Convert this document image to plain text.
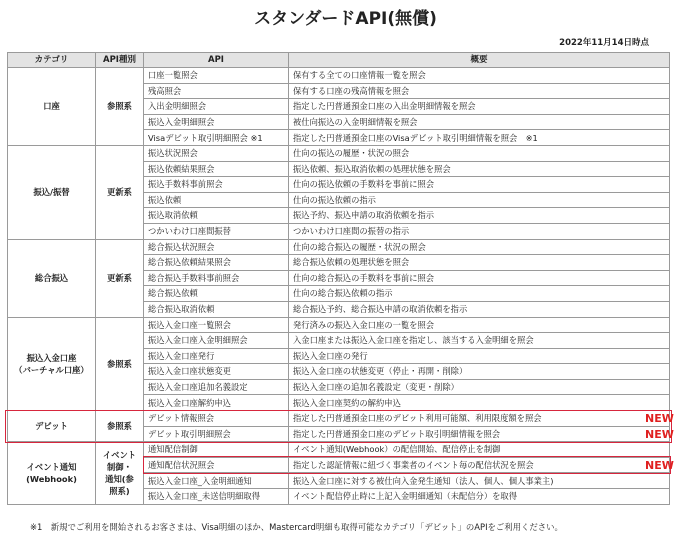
スタンダードAPI(無償)
2022年11月14日時点
カテゴリ	API種別	API	概要
口座	参照系	口座一覧照会	保有する全ての口座情報一覧を照会
		残高照会	保有する口座の残高情報を照会
		入出金明細照会	指定した円普通預金口座の入出金明細情報を照会
		振込入金明細照会	被仕向振込の入金明細情報を照会
		Visaデビット取引明細照会 ※1	指定した円普通預金口座のVisaデビット取引明細情報を照会　※1
振込/振替	更新系	振込状況照会	仕向の振込の履歴・状況の照会
		振込依頼結果照会	振込依頼、振込取消依頼の処理状態を照会
		振込手数料事前照会	仕向の振込依頼の手数料を事前に照会
		振込依頼	仕向の振込依頼の指示
		振込取消依頼	振込予約、振込申請の取消依頼を指示
		つかいわけ口座間振替	つかいわけ口座間の振替の指示
総合振込	更新系	総合振込状況照会	仕向の総合振込の履歴・状況の照会
		総合振込依頼結果照会	総合振込依頼の処理状態を照会
		総合振込手数料事前照会	仕向の総合振込の手数料を事前に照会
		総合振込依頼	仕向の総合振込依頼の指示
		総合振込取消依頼	総合振込予約、総合振込申請の取消依頼を指示
振込入金口座
（バーチャル口座）	参照系	振込入金口座一覧照会	発行済みの振込入金口座の一覧を照会
		振込入金口座入金明細照会	入金口座または振込入金口座を指定し、該当する入金明細を照会
		振込入金口座発行	振込入金口座の発行
		振込入金口座状態変更	振込入金口座の状態変更（停止・再開・削除）
		振込入金口座追加名義設定	振込入金口座の追加名義設定（変更・削除）
		振込入金口座解約申込	振込入金口座契約の解約申込
デビット	参照系	デビット情報照会	指定した円普通預金口座のデビット利用可能額、利用限度額を照会
		デビット取引明細照会	指定した円普通預金口座のデビット取引明細情報を照会
イベント通知
(Webhook)	イベント
制御・
通知(参
照系)	通知配信制御	イベント通知(Webhook）の配信開始、配信停止を制御
		通知配信状況照会	指定した認証情報に紐づく事業者のイベント毎の配信状況を照会
		振込入金口座_入金明細通知	振込入金口座に対する被仕向入金発生通知（法人、個人、個人事業主)
		振込入金口座_未送信明細取得	イベント配信停止時に上記入金明細通知（未配信分）を取得
NEW
NEW
NEW
※1　新規でご利用を開始されるお客さまは、Visa明細のほか、Mastercard明細も取得可能なカテゴリ「デビット」のAPIをご利用ください。
